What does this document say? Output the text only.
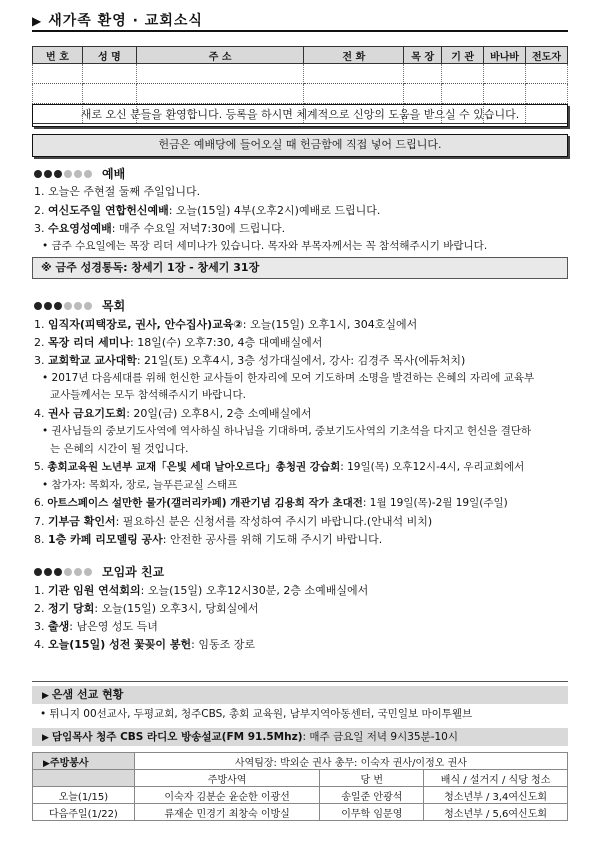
▶ 새가족 환영 · 교회소식
번 호	성 명	주 소	전 화	목 장	기 관	바나바	전도자

새로 오신 분들을 환영합니다. 등록을 하시면 체계적으로 신앙의 도움을 받으실 수 있습니다.
헌금은 예배당에 들어오실 때 헌금함에 직접 넣어 드립니다.
예배
1. 오늘은 주현절 둘째 주일입니다.
2. 여신도주일 연합헌신예배: 오늘(15일) 4부(오후2시)예배로 드립니다.
3. 수요영성예배: 매주 수요일 저녁7:30에 드립니다.
• 금주 수요일에는 목장 리더 세미나가 있습니다. 목자와 부목자께서는 꼭 참석해주시기 바랍니다.
※ 금주 성경통독: 창세기 1장 - 창세기 31장
목회
1. 임직자(피택장로, 권사, 안수집사)교육②: 오늘(15일) 오후1시, 304호실에서
2. 목장 리더 세미나: 18일(수) 오후7:30, 4층 대예배실에서
3. 교회학교 교사대학: 21일(토) 오후4시, 3층 성가대실에서, 강사: 김경주 목사(에듀처치)
• 2017년 다음세대를 위해 헌신한 교사들이 한자리에 모여 기도하며 소명을 발견하는 은혜의 자리에 교육부
교사들께서는 모두 참석해주시기 바랍니다.
4. 권사 금요기도회: 20일(금) 오후8시, 2층 소예배실에서
• 권사님들의 중보기도사역에 역사하실 하나님을 기대하며, 중보기도사역의 기초석을 다지고 헌신을 결단하
는 은혜의 시간이 될 것입니다.
5. 총회교육원 노년부 교재「은빛 세대 날아오르다」총청권 강습회: 19일(목) 오후12시-4시, 우리교회에서
• 참가자: 목회자, 장로, 늘푸른교실 스태프
6. 아트스페이스 설만한 물가(갤러리카페) 개관기념 김용희 작가 초대전: 1월 19일(목)-2월 19일(주일)
7. 기부금 확인서: 필요하신 분은 신청서를 작성하여 주시기 바랍니다.(안내석 비치)
8. 1층 카페 리모델링 공사: 안전한 공사를 위해 기도해 주시기 바랍니다.
모임과 친교
1. 기관 임원 연석회의: 오늘(15일) 오후12시30분, 2층 소예배실에서
2. 정기 당회: 오늘(15일) 오후3시, 당회실에서
3. 출생: 남은영 성도 득녀
4. 오늘(15일) 성전 꽃꽂이 봉헌: 임동조 장로
▶ 은샘 선교 현황
• 튀니지 00선교사, 두평교회, 청주CBS, 총회 교육원, 남부지역아동센터, 국민일보 마이투웰브
▶ 담임목사 청주 CBS 라디오 방송설교(FM 91.5Mhz): 매주 금요일 저녁 9시35분-10시
▶주방봉사	사역팀장: 박외순 권사 총무: 이숙자 권사/이정오 권사		
	주방사역	당 번	배식 / 설거지 / 식당 청소
오늘(1/15)	이숙자 김분순 윤순한 이광선	송일준 안광석	청소년부 / 3,4여신도회
다음주일(1/22)	류재순 민경기 최창숙 이방실	이무학 임문영	청소년부 / 5,6여신도회
